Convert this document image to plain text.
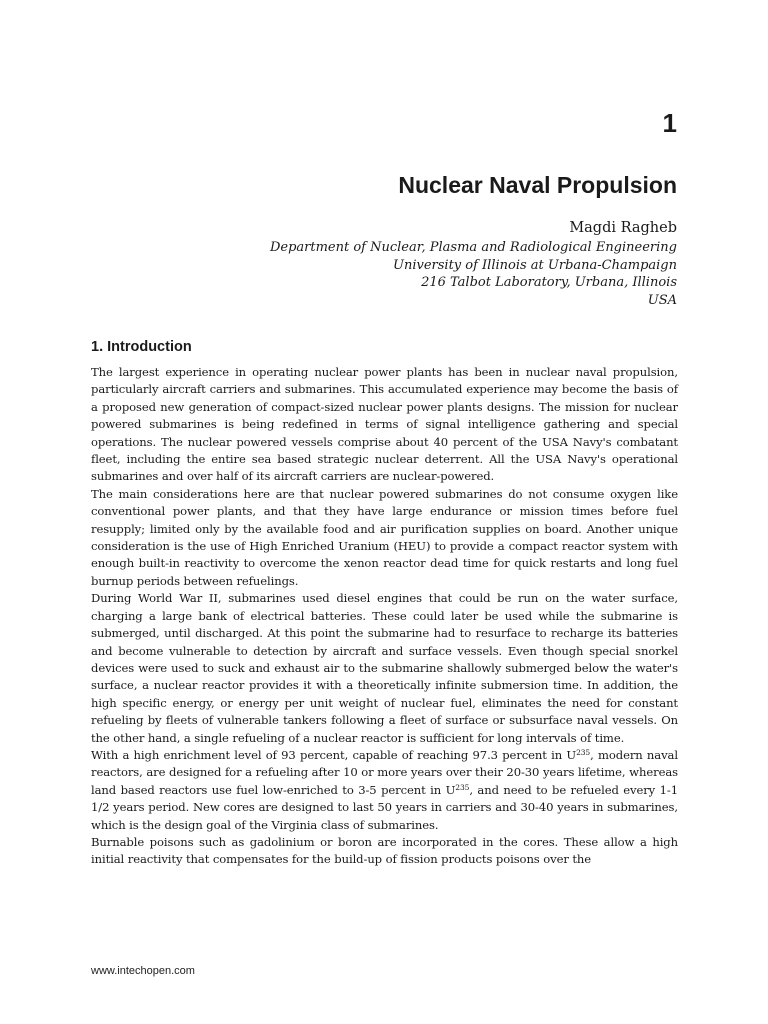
1
Nuclear Naval Propulsion
Magdi Ragheb
Department of Nuclear, Plasma and Radiological Engineering
University of Illinois at Urbana-Champaign
216 Talbot Laboratory, Urbana, Illinois
USA
1. Introduction

The largest experience in operating nuclear power plants has been in nuclear naval propulsion, particularly aircraft carriers and submarines. This accumulated experience may become the basis of a proposed new generation of compact-sized nuclear power plants designs. The mission for nuclear powered submarines is being redefined in terms of signal intelligence gathering and special operations. The nuclear powered vessels comprise about 40 percent of the USA Navy's combatant fleet, including the entire sea based strategic nuclear deterrent. All the USA Navy's operational submarines and over half of its aircraft carriers are nuclear-powered.

The main considerations here are that nuclear powered submarines do not consume oxygen like conventional power plants, and that they have large endurance or mission times before fuel resupply; limited only by the available food and air purification supplies on board. Another unique consideration is the use of High Enriched Uranium (HEU) to provide a compact reactor system with enough built-in reactivity to overcome the xenon reactor dead time for quick restarts and long fuel burnup periods between refuelings.

During World War II, submarines used diesel engines that could be run on the water surface, charging a large bank of electrical batteries. These could later be used while the submarine is submerged, until discharged. At this point the submarine had to resurface to recharge its batteries and become vulnerable to detection by aircraft and surface vessels. Even though special snorkel devices were used to suck and exhaust air to the submarine shallowly submerged below the water's surface, a nuclear reactor provides it with a theoretically infinite submersion time. In addition, the high specific energy, or energy per unit weight of nuclear fuel, eliminates the need for constant refueling by fleets of vulnerable tankers following a fleet of surface or subsurface naval vessels. On the other hand, a single refueling of a nuclear reactor is sufficient for long intervals of time.

With a high enrichment level of 93 percent, capable of reaching 97.3 percent in $U^{235}$, modern naval reactors, are designed for a refueling after 10 or more years over their 20-30 years lifetime, whereas land based reactors use fuel low-enriched to 3-5 percent in $U^{235}$, and need to be refueled every 1-1 1/2 years period. New cores are designed to last 50 years in carriers and 30-40 years in submarines, which is the design goal of the Virginia class of submarines.

Burnable poisons such as gadolinium or boron are incorporated in the cores. These allow a high initial reactivity that compensates for the build-up of fission products poisons over the

www.intechopen.com
